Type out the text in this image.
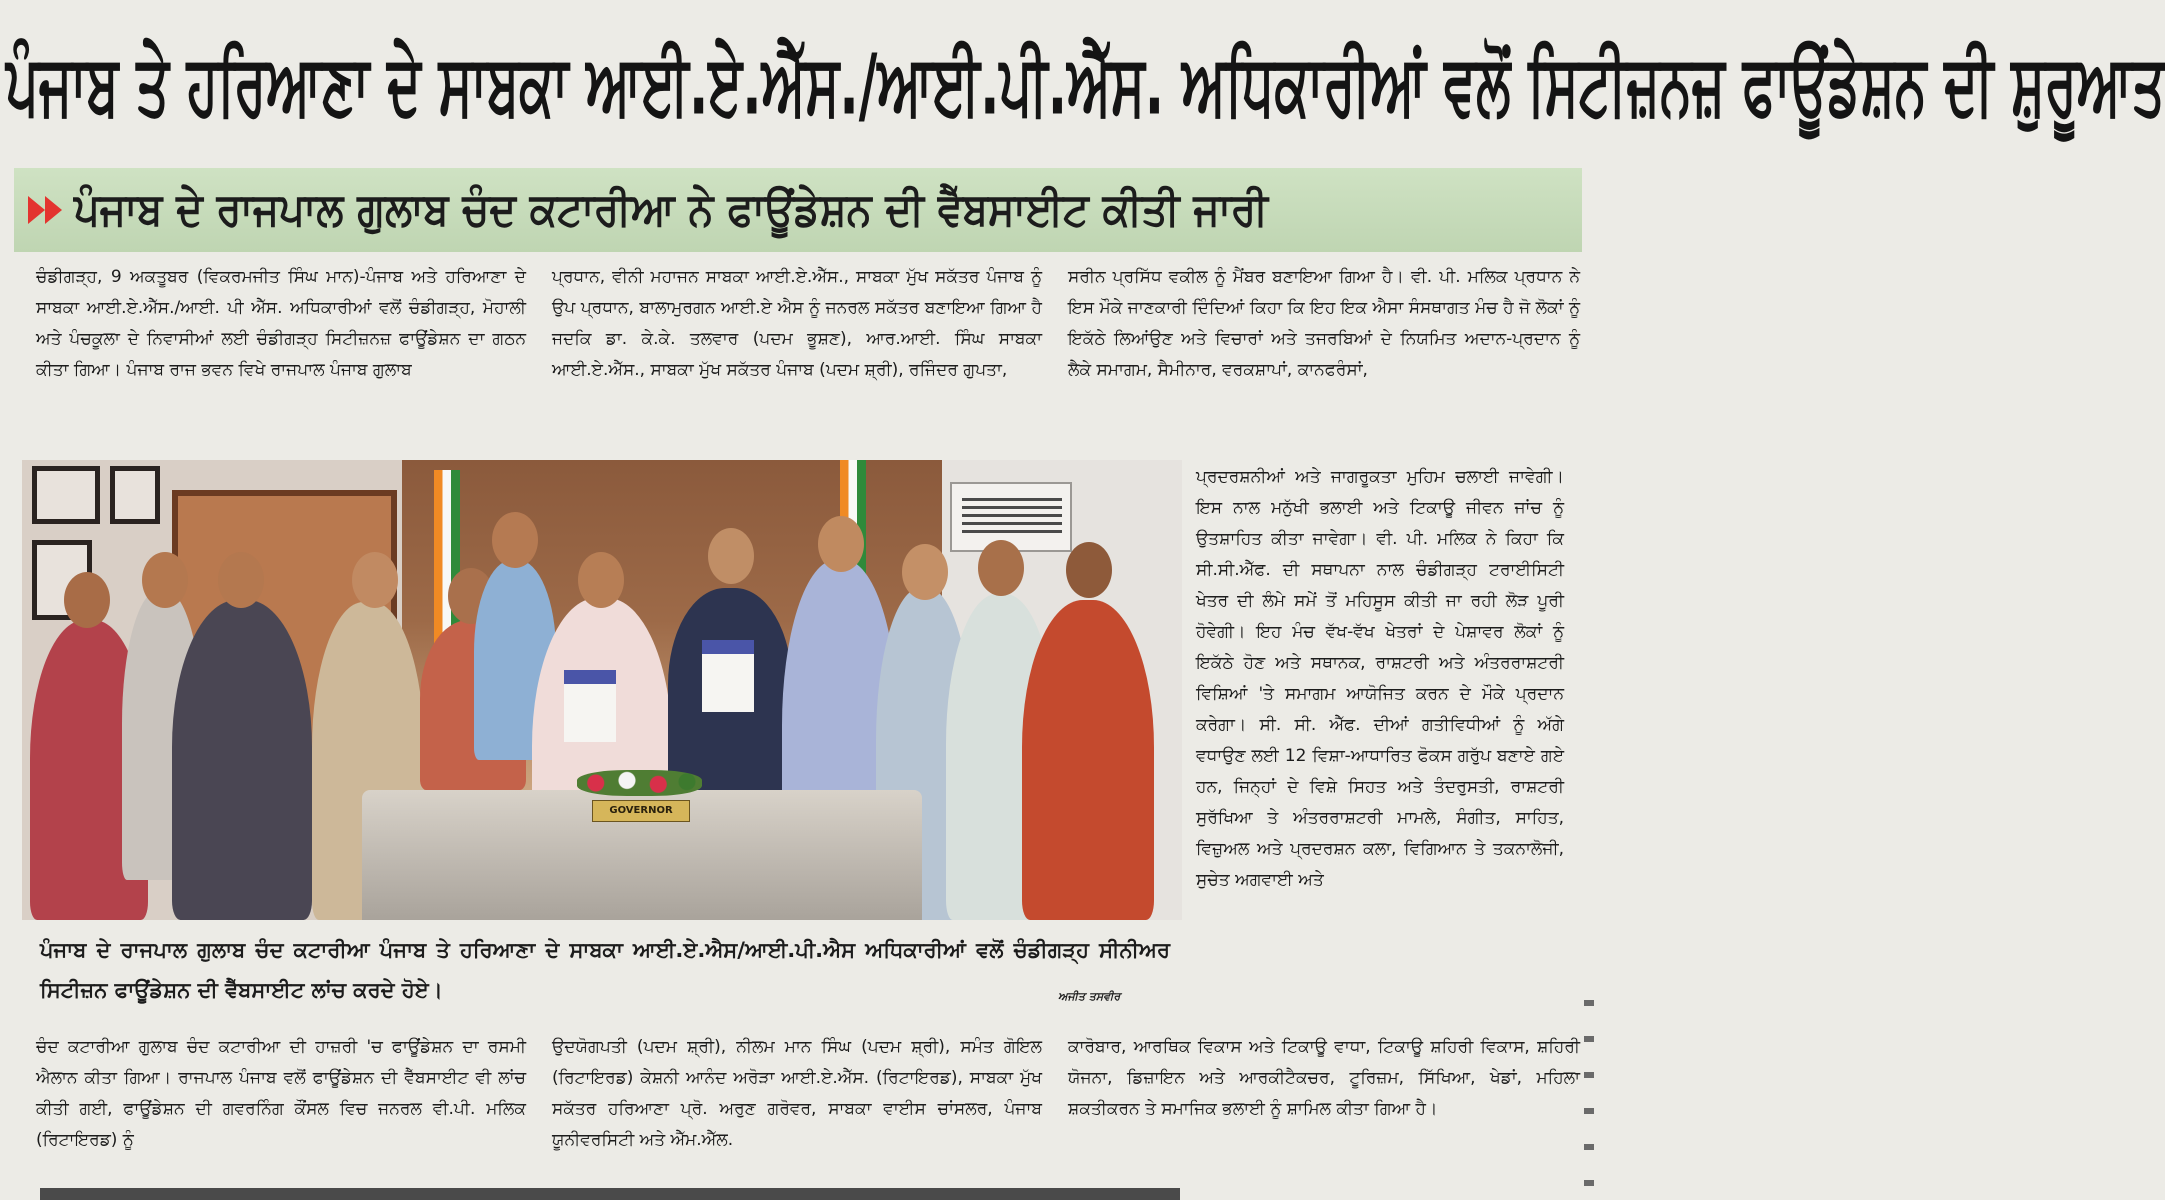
ਪੰਜਾਬ ਤੇ ਹਰਿਆਣਾ ਦੇ ਸਾਬਕਾ ਆਈ.ਏ.ਐੱਸ./ਆਈ.ਪੀ.ਐੱਸ. ਅਧਿਕਾਰੀਆਂ ਵਲੋਂ ਸਿਟੀਜ਼ਨਜ਼ ਫਾਊਂਡੇਸ਼ਨ ਦੀ ਸ਼ੁਰੂਆਤ
ਪੰਜਾਬ ਦੇ ਰਾਜਪਾਲ ਗੁਲਾਬ ਚੰਦ ਕਟਾਰੀਆ ਨੇ ਫਾਊਂਡੇਸ਼ਨ ਦੀ ਵੈੱਬਸਾਈਟ ਕੀਤੀ ਜਾਰੀ

ਚੰਡੀਗੜ੍ਹ, 9 ਅਕਤੂਬਰ (ਵਿਕਰਮਜੀਤ ਸਿੰਘ ਮਾਨ)-ਪੰਜਾਬ ਅਤੇ ਹਰਿਆਣਾ ਦੇ ਸਾਬਕਾ ਆਈ.ਏ.ਐੱਸ./ਆਈ. ਪੀ ਐੱਸ. ਅਧਿਕਾਰੀਆਂ ਵਲੋਂ ਚੰਡੀਗੜ੍ਹ, ਮੋਹਾਲੀ ਅਤੇ ਪੰਚਕੂਲਾ ਦੇ ਨਿਵਾਸੀਆਂ ਲਈ ਚੰਡੀਗੜ੍ਹ ਸਿਟੀਜ਼ਨਜ਼ ਫਾਊਂਡੇਸ਼ਨ ਦਾ ਗਠਨ ਕੀਤਾ ਗਿਆ। ਪੰਜਾਬ ਰਾਜ ਭਵਨ ਵਿਖੇ ਰਾਜਪਾਲ ਪੰਜਾਬ ਗੁਲਾਬ

ਪ੍ਰਧਾਨ, ਵੀਨੀ ਮਹਾਜਨ ਸਾਬਕਾ ਆਈ.ਏ.ਐੱਸ., ਸਾਬਕਾ ਮੁੱਖ ਸਕੱਤਰ ਪੰਜਾਬ ਨੂੰ ਉਪ ਪ੍ਰਧਾਨ, ਬਾਲਾਮੁਰਗਨ ਆਈ.ਏ ਐਸ ਨੂੰ ਜਨਰਲ ਸਕੱਤਰ ਬਣਾਇਆ ਗਿਆ ਹੈ ਜਦਕਿ ਡਾ. ਕੇ.ਕੇ. ਤਲਵਾਰ (ਪਦਮ ਭੂਸ਼ਣ), ਆਰ.ਆਈ. ਸਿੰਘ ਸਾਬਕਾ ਆਈ.ਏ.ਐੱਸ., ਸਾਬਕਾ ਮੁੱਖ ਸਕੱਤਰ ਪੰਜਾਬ (ਪਦਮ ਸ਼੍ਰੀ), ਰਜਿੰਦਰ ਗੁਪਤਾ,

ਸਰੀਨ ਪ੍ਰਸਿੱਧ ਵਕੀਲ ਨੂੰ ਮੈਂਬਰ ਬਣਾਇਆ ਗਿਆ ਹੈ। ਵੀ. ਪੀ. ਮਲਿਕ ਪ੍ਰਧਾਨ ਨੇ ਇਸ ਮੌਕੇ ਜਾਣਕਾਰੀ ਦਿੰਦਿਆਂ ਕਿਹਾ ਕਿ ਇਹ ਇਕ ਐਸਾ ਸੰਸਥਾਗਤ ਮੰਚ ਹੈ ਜੋ ਲੋਕਾਂ ਨੂੰ ਇਕੱਠੇ ਲਿਆਂਉਣ ਅਤੇ ਵਿਚਾਰਾਂ ਅਤੇ ਤਜਰਬਿਆਂ ਦੇ ਨਿਯਮਿਤ ਅਦਾਨ-ਪ੍ਰਦਾਨ ਨੂੰ ਲੈਕੇ ਸਮਾਗਮ, ਸੈਮੀਨਾਰ, ਵਰਕਸ਼ਾਪਾਂ, ਕਾਨਫਰੰਸਾਂ,

GOVERNOR

ਪ੍ਰਦਰਸ਼ਨੀਆਂ ਅਤੇ ਜਾਗਰੂਕਤਾ ਮੁਹਿਮ ਚਲਾਈ ਜਾਵੇਗੀ। ਇਸ ਨਾਲ ਮਨੁੱਖੀ ਭਲਾਈ ਅਤੇ ਟਿਕਾਊ ਜੀਵਨ ਜਾਂਚ ਨੂੰ ਉਤਸ਼ਾਹਿਤ ਕੀਤਾ ਜਾਵੇਗਾ। ਵੀ. ਪੀ. ਮਲਿਕ ਨੇ ਕਿਹਾ ਕਿ ਸੀ.ਸੀ.ਐੱਫ. ਦੀ ਸਥਾਪਨਾ ਨਾਲ ਚੰਡੀਗੜ੍ਹ ਟਰਾਈਸਿਟੀ ਖੇਤਰ ਦੀ ਲੰਮੇ ਸਮੇਂ ਤੋਂ ਮਹਿਸੂਸ ਕੀਤੀ ਜਾ ਰਹੀ ਲੋੜ ਪੂਰੀ ਹੋਵੇਗੀ। ਇਹ ਮੰਚ ਵੱਖ-ਵੱਖ ਖੇਤਰਾਂ ਦੇ ਪੇਸ਼ਾਵਰ ਲੋਕਾਂ ਨੂੰ ਇਕੱਠੇ ਹੋਣ ਅਤੇ ਸਥਾਨਕ, ਰਾਸ਼ਟਰੀ ਅਤੇ ਅੰਤਰਰਾਸ਼ਟਰੀ ਵਿਸ਼ਿਆਂ 'ਤੇ ਸਮਾਗਮ ਆਯੋਜਿਤ ਕਰਨ ਦੇ ਮੌਕੇ ਪ੍ਰਦਾਨ ਕਰੇਗਾ। ਸੀ. ਸੀ. ਐੱਫ. ਦੀਆਂ ਗਤੀਵਿਧੀਆਂ ਨੂੰ ਅੱਗੇ ਵਧਾਉਣ ਲਈ 12 ਵਿਸ਼ਾ-ਆਧਾਰਿਤ ਫੋਕਸ ਗਰੁੱਪ ਬਣਾਏ ਗਏ ਹਨ, ਜਿਨ੍ਹਾਂ ਦੇ ਵਿਸ਼ੇ ਸਿਹਤ ਅਤੇ ਤੰਦਰੁਸਤੀ, ਰਾਸ਼ਟਰੀ ਸੁਰੱਖਿਆ ਤੇ ਅੰਤਰਰਾਸ਼ਟਰੀ ਮਾਮਲੇ, ਸੰਗੀਤ, ਸਾਹਿਤ, ਵਿਜ਼ੁਅਲ ਅਤੇ ਪ੍ਰਦਰਸ਼ਨ ਕਲਾ, ਵਿਗਿਆਨ ਤੇ ਤਕਨਾਲੋਜੀ, ਸੁਚੇਤ ਅਗਵਾਈ ਅਤੇ

ਪੰਜਾਬ ਦੇ ਰਾਜਪਾਲ ਗੁਲਾਬ ਚੰਦ ਕਟਾਰੀਆ ਪੰਜਾਬ ਤੇ ਹਰਿਆਣਾ ਦੇ ਸਾਬਕਾ ਆਈ.ਏ.ਐਸ/ਆਈ.ਪੀ.ਐਸ ਅਧਿਕਾਰੀਆਂ ਵਲੋਂ ਚੰਡੀਗੜ੍ਹ ਸੀਨੀਅਰ ਸਿਟੀਜ਼ਨ ਫਾਊਂਡੇਸ਼ਨ ਦੀ ਵੈੱਬਸਾਈਟ ਲਾਂਚ ਕਰਦੇ ਹੋਏ।	ਅਜੀਤ ਤਸਵੀਰ

ਚੰਦ ਕਟਾਰੀਆ ਗੁਲਾਬ ਚੰਦ ਕਟਾਰੀਆ ਦੀ ਹਾਜ਼ਰੀ 'ਚ ਫਾਊਂਡੇਸ਼ਨ ਦਾ ਰਸਮੀ ਐਲਾਨ ਕੀਤਾ ਗਿਆ। ਰਾਜਪਾਲ ਪੰਜਾਬ ਵਲੋਂ ਫਾਊਂਡੇਸ਼ਨ ਦੀ ਵੈੱਬਸਾਈਟ ਵੀ ਲਾਂਚ ਕੀਤੀ ਗਈ, ਫਾਊਂਡੇਸ਼ਨ ਦੀ ਗਵਰਨਿੰਗ ਕੌਂਸਲ ਵਿਚ ਜਨਰਲ ਵੀ.ਪੀ. ਮਲਿਕ (ਰਿਟਾਇਰਡ) ਨੂੰ

ਉਦਯੋਗਪਤੀ (ਪਦਮ ਸ਼੍ਰੀ), ਨੀਲਮ ਮਾਨ ਸਿੰਘ (ਪਦਮ ਸ਼੍ਰੀ), ਸਮੰਤ ਗੋਇਲ (ਰਿਟਾਇਰਡ) ਕੇਸ਼ਨੀ ਆਨੰਦ ਅਰੋੜਾ ਆਈ.ਏ.ਐੱਸ. (ਰਿਟਾਇਰਡ), ਸਾਬਕਾ ਮੁੱਖ ਸਕੱਤਰ ਹਰਿਆਣਾ ਪ੍ਰੋ. ਅਰੁਣ ਗਰੋਵਰ, ਸਾਬਕਾ ਵਾਈਸ ਚਾਂਸਲਰ, ਪੰਜਾਬ ਯੂਨੀਵਰਸਿਟੀ ਅਤੇ ਐੱਮ.ਐੱਲ.

ਕਾਰੋਬਾਰ, ਆਰਥਿਕ ਵਿਕਾਸ ਅਤੇ ਟਿਕਾਊ ਵਾਧਾ, ਟਿਕਾਊ ਸ਼ਹਿਰੀ ਵਿਕਾਸ, ਸ਼ਹਿਰੀ ਯੋਜਨਾ, ਡਿਜ਼ਾਇਨ ਅਤੇ ਆਰਕੀਟੈਕਚਰ, ਟੂਰਿਜ਼ਮ, ਸਿੱਖਿਆ, ਖੇਡਾਂ, ਮਹਿਲਾ ਸ਼ਕਤੀਕਰਨ ਤੇ ਸਮਾਜਿਕ ਭਲਾਈ ਨੂੰ ਸ਼ਾਮਿਲ ਕੀਤਾ ਗਿਆ ਹੈ।
